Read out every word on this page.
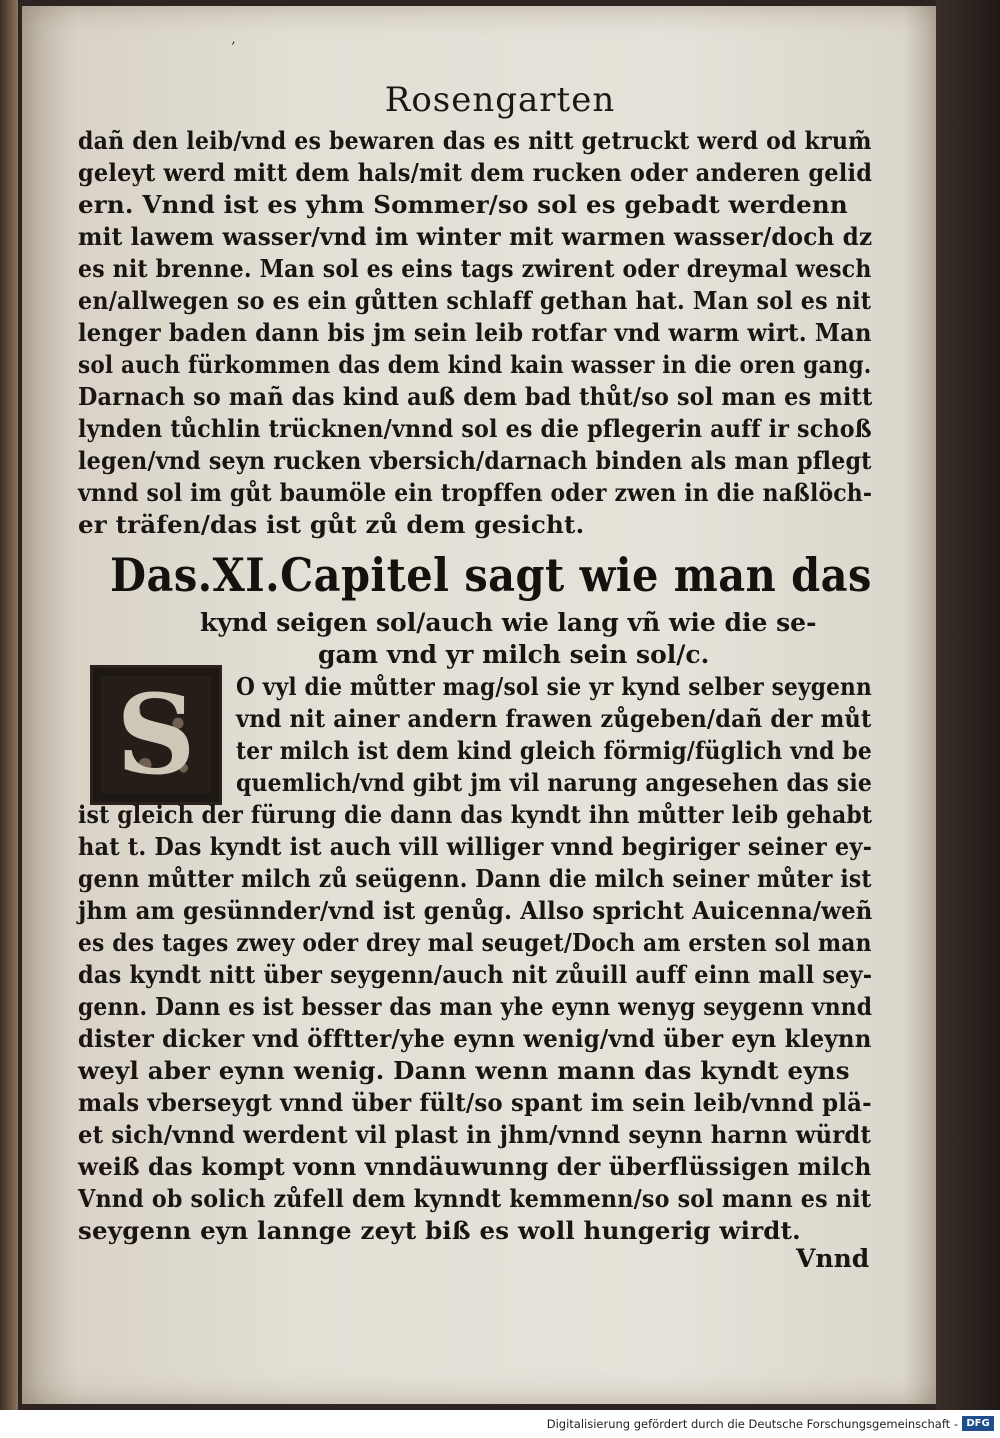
’
Rosengarten
dañ den leib/vnd es bewaren das es nitt getruckt werd od krum̃
geleyt werd mitt dem hals/mit dem rucken oder anderen gelid
ern. Vnnd ist es yhm Sommer/so sol es gebadt werdenn
mit lawem wasser/vnd im winter mit warmen wasser/doch dz
es nit brenne. Man sol es eins tags zwirent oder dreymal wesch
en/allwegen so es ein gůtten schlaff gethan hat. Man sol es nit
lenger baden dann bis jm sein leib rotfar vnd warm wirt. Man
sol auch fürkommen das dem kind kain wasser in die oren gang.
Darnach so mañ das kind auß dem bad thůt/so sol man es mitt
lynden tůchlin trücknen/vnnd sol es die pflegerin auff ir schoß
legen/vnd seyn rucken vbersich/darnach binden als man pflegt
vnnd sol im gůt baumöle ein tropffen oder zwen in die naßlöch-
er träfen/das ist gůt zů dem gesicht.
Das.XI.Capitel sagt wie man das
kynd seigen sol/auch wie lang vñ wie die se-
gam vnd yr milch sein sol/c.
S	O vyl die můtter mag/sol sie yr kynd selber seygenn
vnd nit ainer andern frawen zůgeben/dañ der můt
ter milch ist dem kind gleich förmig/füglich vnd be
quemlich/vnd gibt jm vil narung angesehen das sie
ist gleich der fürung die dann das kyndt ihn můtter leib gehabt
hat t. Das kyndt ist auch vill williger vnnd begiriger seiner ey-
genn můtter milch zů seügenn. Dann die milch seiner můter ist
jhm am gesünnder/vnd ist genůg. Allso spricht Auicenna/weñ
es des tages zwey oder drey mal seuget/Doch am ersten sol man
das kyndt nitt über seygenn/auch nit zůuill auff einn mall sey-
genn. Dann es ist besser das man yhe eynn wenyg seygenn vnnd
dister dicker vnd öfftter/yhe eynn wenig/vnd über eyn kleynn
weyl aber eynn wenig. Dann wenn mann das kyndt eyns
mals vberseygt vnnd über fült/so spant im sein leib/vnnd plä-
et sich/vnnd werdent vil plast in jhm/vnnd seynn harnn würdt
weiß das kompt vonn vnndäuwunng der überflüssigen milch
Vnnd ob solich zůfell dem kynndt kemmenn/so sol mann es nit
seygenn eyn lannge zeyt biß es woll hungerig wirdt.
Vnnd
Digitalisierung gefördert durch die Deutsche Forschungsgemeinschaft - DFG
